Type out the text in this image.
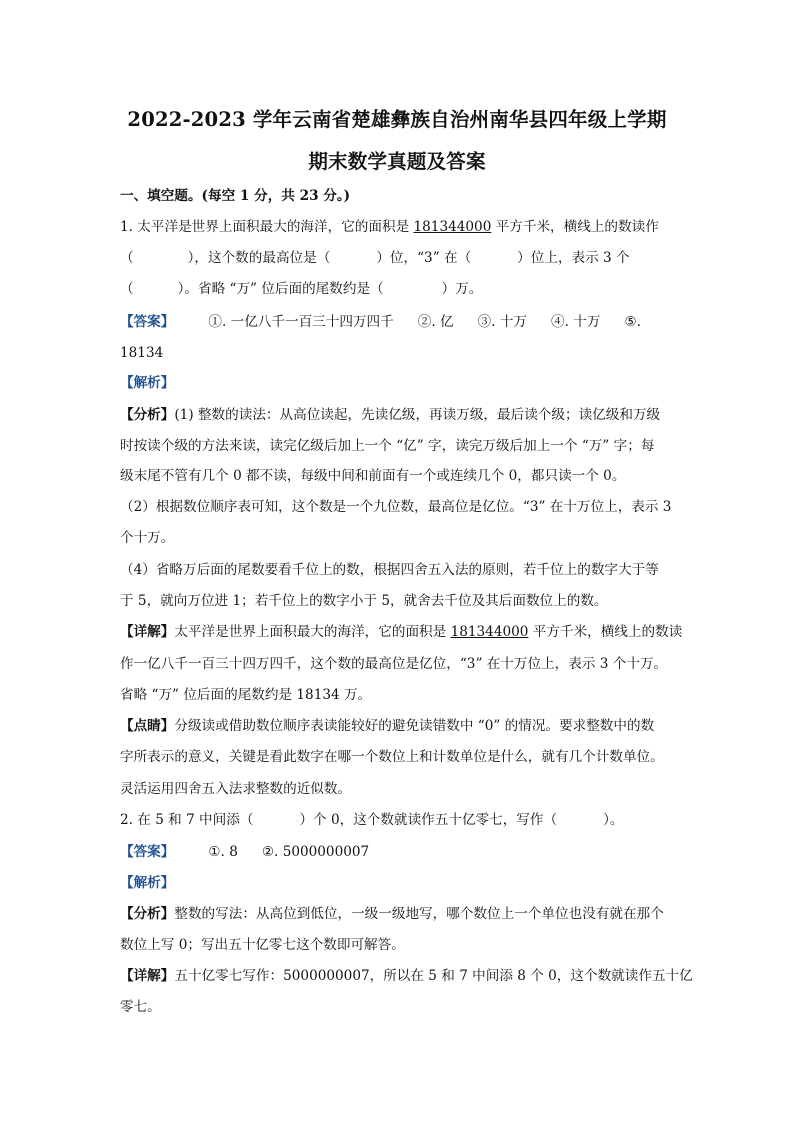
2022-2023 学年云南省楚雄彝族自治州南华县四年级上学期
期末数学真题及答案
一、填空题。(每空 1 分，共 23 分。)
1. 太平洋是世界上面积最大的海洋，它的面积是 181344000 平方千米，横线上的数读作
（	），这个数的最高位是（	）位，“3” 在（	）位上，表示 3 个
（	）。省略 “万” 位后面的尾数约是（	）万。
【答案】	①. 一亿八千一百三十四万四千 ②. 亿 ③. 十万 ④. 十万 ⑤.
18134
【解析】
【分析】(1) 整数的读法：从高位读起，先读亿级，再读万级，最后读个级；读亿级和万级
时按读个级的方法来读，读完亿级后加上一个 “亿” 字，读完万级后加上一个 “万” 字；每
级末尾不管有几个 0 都不读，每级中间和前面有一个或连续几个 0，都只读一个 0。
（2）根据数位顺序表可知，这个数是一个九位数，最高位是亿位。“3” 在十万位上，表示 3
个十万。
（4）省略万后面的尾数要看千位上的数，根据四舍五入法的原则，若千位上的数字大于等
于 5，就向万位进 1；若千位上的数字小于 5，就舍去千位及其后面数位上的数。
【详解】太平洋是世界上面积最大的海洋，它的面积是 181344000 平方千米，横线上的数读
作一亿八千一百三十四万四千，这个数的最高位是亿位，“3” 在十万位上，表示 3 个十万。
省略 “万” 位后面的尾数约是 18134 万。
【点睛】分级读或借助数位顺序表读能较好的避免读错数中 “0” 的情况。要求整数中的数
字所表示的意义，关键是看此数字在哪一个数位上和计数单位是什么，就有几个计数单位。
灵活运用四舍五入法求整数的近似数。
2. 在 5 和 7 中间添（	）个 0，这个数就读作五十亿零七，写作（	）。
【答案】	①. 8 ②. 5000000007
【解析】
【分析】整数的写法：从高位到低位，一级一级地写，哪个数位上一个单位也没有就在那个
数位上写 0；写出五十亿零七这个数即可解答。
【详解】五十亿零七写作：5000000007，所以在 5 和 7 中间添 8 个 0，这个数就读作五十亿
零七。
